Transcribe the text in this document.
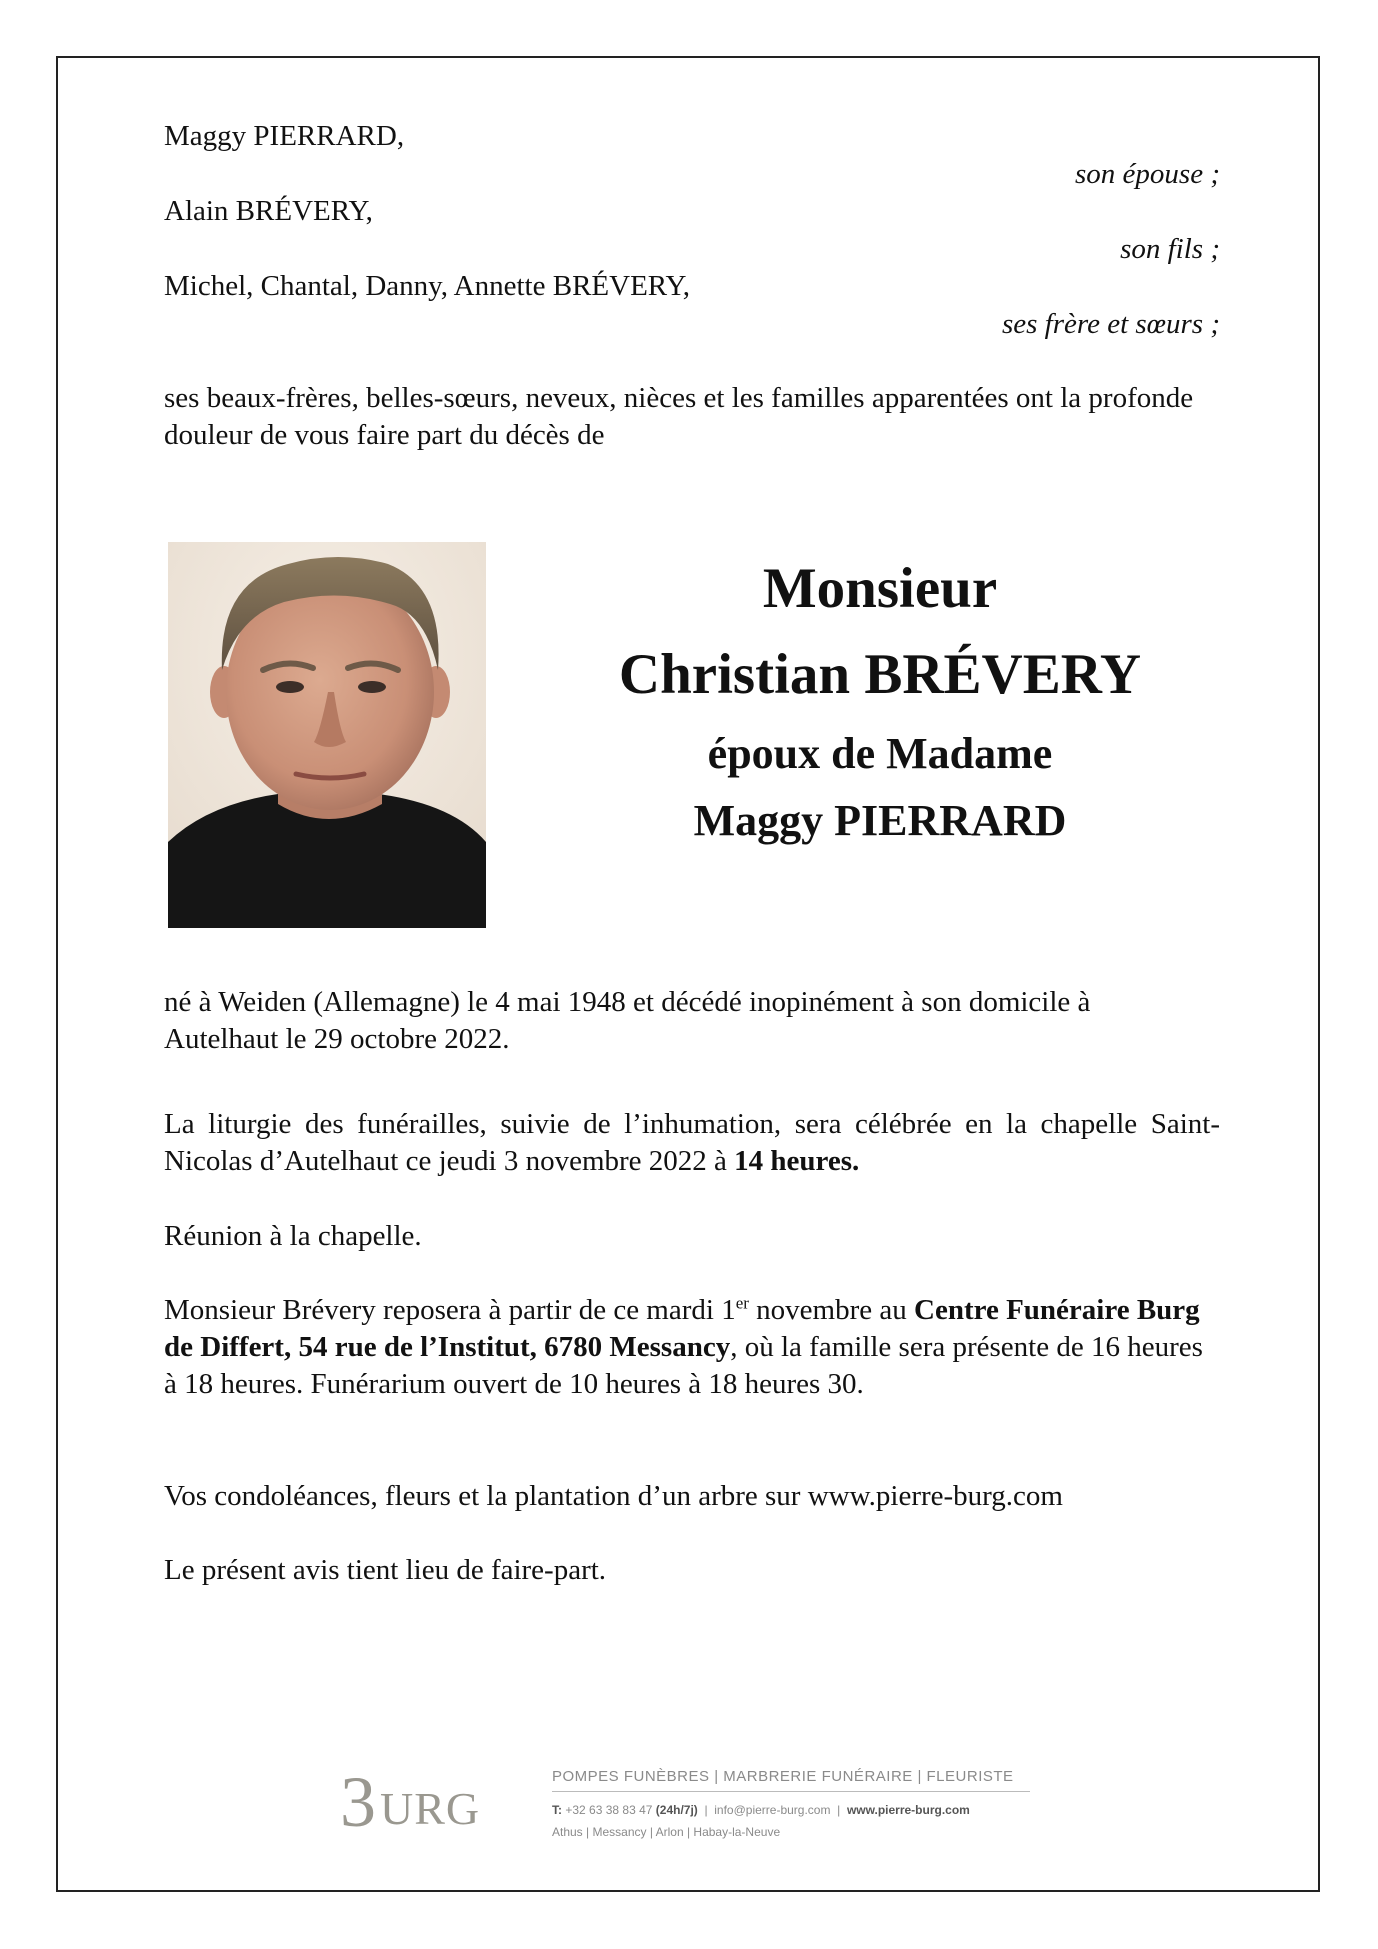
Maggy PIERRARD,
son épouse ;
Alain BRÉVERY,
son fils ;
Michel, Chantal, Danny, Annette BRÉVERY,
ses frère et sœurs ;
ses beaux-frères, belles-sœurs, neveux, nièces et les familles apparentées ont la profonde douleur de vous faire part du décès de
Monsieur
Christian BRÉVERY
époux de Madame
Maggy PIERRARD
né à Weiden (Allemagne) le 4 mai 1948 et décédé inopinément à son domicile à Autelhaut le 29 octobre 2022.
La liturgie des funérailles, suivie de l’inhumation, sera célébrée en la chapelle Saint-Nicolas d’Autelhaut ce jeudi 3 novembre 2022 à 14 heures.
Réunion à la chapelle.
Monsieur Brévery reposera à partir de ce mardi 1er novembre au Centre Funéraire Burg de Differt, 54 rue de l’Institut, 6780 Messancy, où la famille sera présente de 16 heures à 18 heures. Funérarium ouvert de 10 heures à 18 heures 30.
Vos condoléances, fleurs et la plantation d’un arbre sur www.pierre-burg.com
Le présent avis tient lieu de faire-part.
3 URG
POMPES FUNÈBRES | MARBRERIE FUNÉRAIRE | FLEURISTE
T: +32 63 38 83 47 (24h/7j)  |  info@pierre-burg.com  |  www.pierre-burg.com
Athus | Messancy | Arlon | Habay-la-Neuve
